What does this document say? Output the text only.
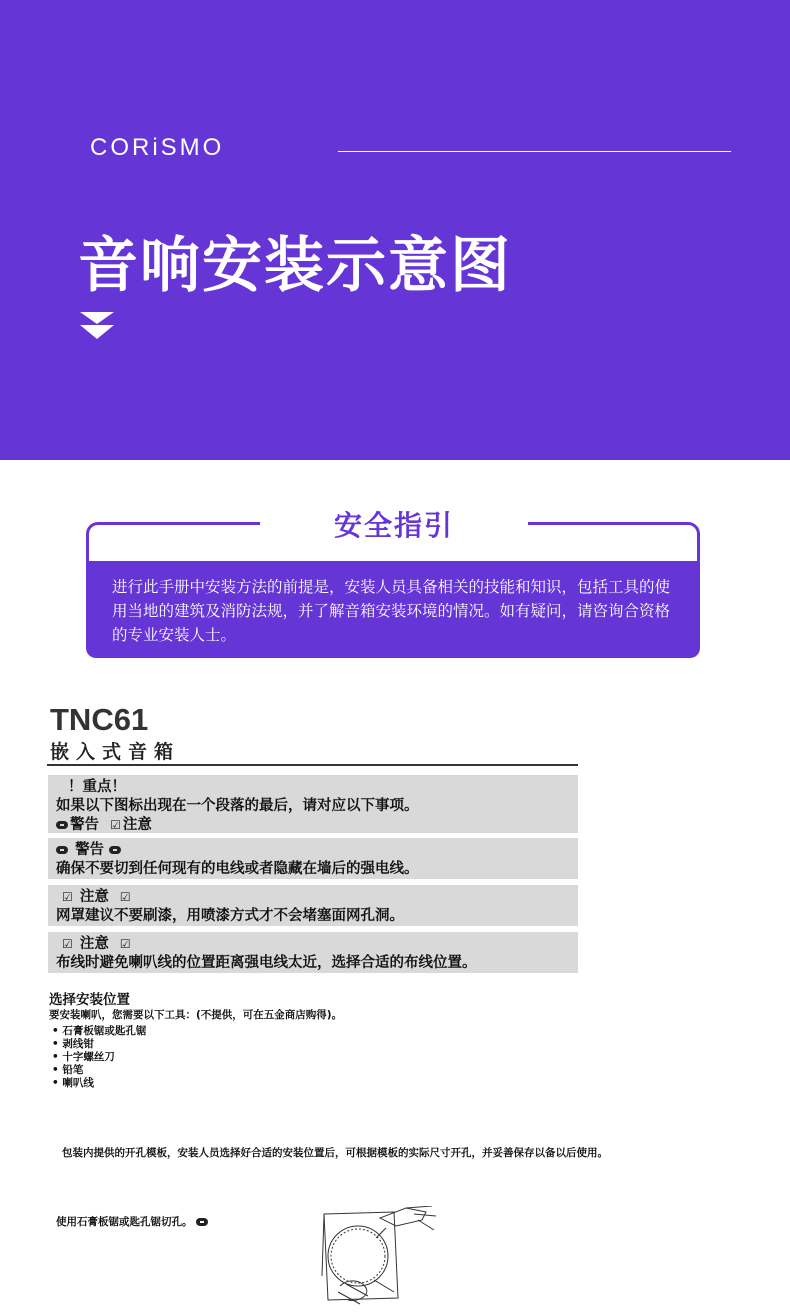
CORiSMO
音响安装示意图
安全指引
进行此手册中安装方法的前提是，安装人员具备相关的技能和知识，包括工具的使用当地的建筑及消防法规，并了解音箱安装环境的情况。如有疑问，请咨询合资格的专业安装人士。
TNC61
嵌入式音箱
！重点！
如果以下图标出现在一个段落的最后，请对应以下事项。
警告 ☑ 注意
警告
确保不要切到任何现有的电线或者隐藏在墙后的强电线。
☑ 注意 ☑
网罩建议不要刷漆，用喷漆方式才不会堵塞面网孔洞。
☑ 注意 ☑
布线时避免喇叭线的位置距离强电线太近，选择合适的布线位置。
选择安装位置
要安装喇叭，您需要以下工具：(不提供，可在五金商店购得)。
• 石膏板锯或匙孔锯
• 剥线钳
• 十字螺丝刀
• 铅笔
• 喇叭线
包装内提供的开孔模板，安装人员选择好合适的安装位置后，可根据模板的实际尺寸开孔，并妥善保存以备以后使用。
使用石膏板锯或匙孔锯切孔。
